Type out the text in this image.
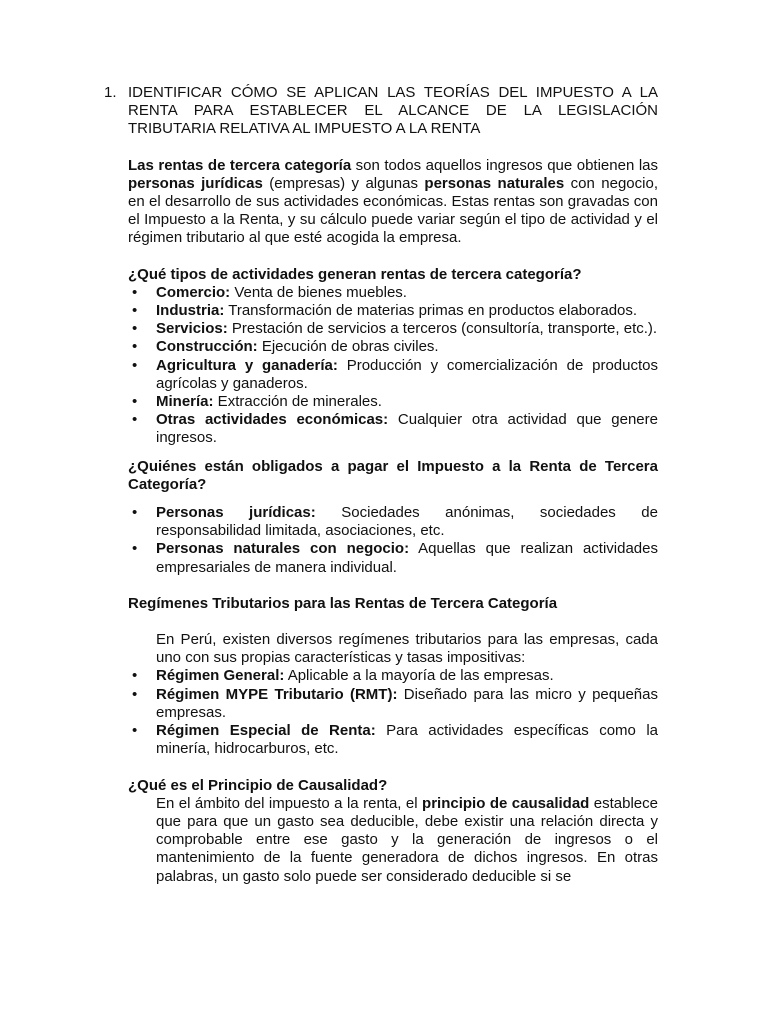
1. IDENTIFICAR CÓMO SE APLICAN LAS TEORÍAS DEL IMPUESTO A LA RENTA PARA ESTABLECER EL ALCANCE DE LA LEGISLACIÓN TRIBUTARIA RELATIVA AL IMPUESTO A LA RENTA

Las rentas de tercera categoría son todos aquellos ingresos que obtienen las personas jurídicas (empresas) y algunas personas naturales con negocio, en el desarrollo de sus actividades económicas. Estas rentas son gravadas con el Impuesto a la Renta, y su cálculo puede variar según el tipo de actividad y el régimen tributario al que esté acogida la empresa.

¿Qué tipos de actividades generan rentas de tercera categoría?

• Comercio: Venta de bienes muebles.
• Industria: Transformación de materias primas en productos elaborados.
• Servicios: Prestación de servicios a terceros (consultoría, transporte, etc.).
• Construcción: Ejecución de obras civiles.
• Agricultura y ganadería: Producción y comercialización de productos agrícolas y ganaderos.
• Minería: Extracción de minerales.
• Otras actividades económicas: Cualquier otra actividad que genere ingresos.

¿Quiénes están obligados a pagar el Impuesto a la Renta de Tercera Categoría?

• Personas jurídicas: Sociedades anónimas, sociedades de responsabilidad limitada, asociaciones, etc.
• Personas naturales con negocio: Aquellas que realizan actividades empresariales de manera individual.

Regímenes Tributarios para las Rentas de Tercera Categoría

En Perú, existen diversos regímenes tributarios para las empresas, cada uno con sus propias características y tasas impositivas:

• Régimen General: Aplicable a la mayoría de las empresas.
• Régimen MYPE Tributario (RMT): Diseñado para las micro y pequeñas empresas.
• Régimen Especial de Renta: Para actividades específicas como la minería, hidrocarburos, etc.

¿Qué es el Principio de Causalidad?

En el ámbito del impuesto a la renta, el principio de causalidad establece que para que un gasto sea deducible, debe existir una relación directa y comprobable entre ese gasto y la generación de ingresos o el mantenimiento de la fuente generadora de dichos ingresos. En otras palabras, un gasto solo puede ser considerado deducible si se
